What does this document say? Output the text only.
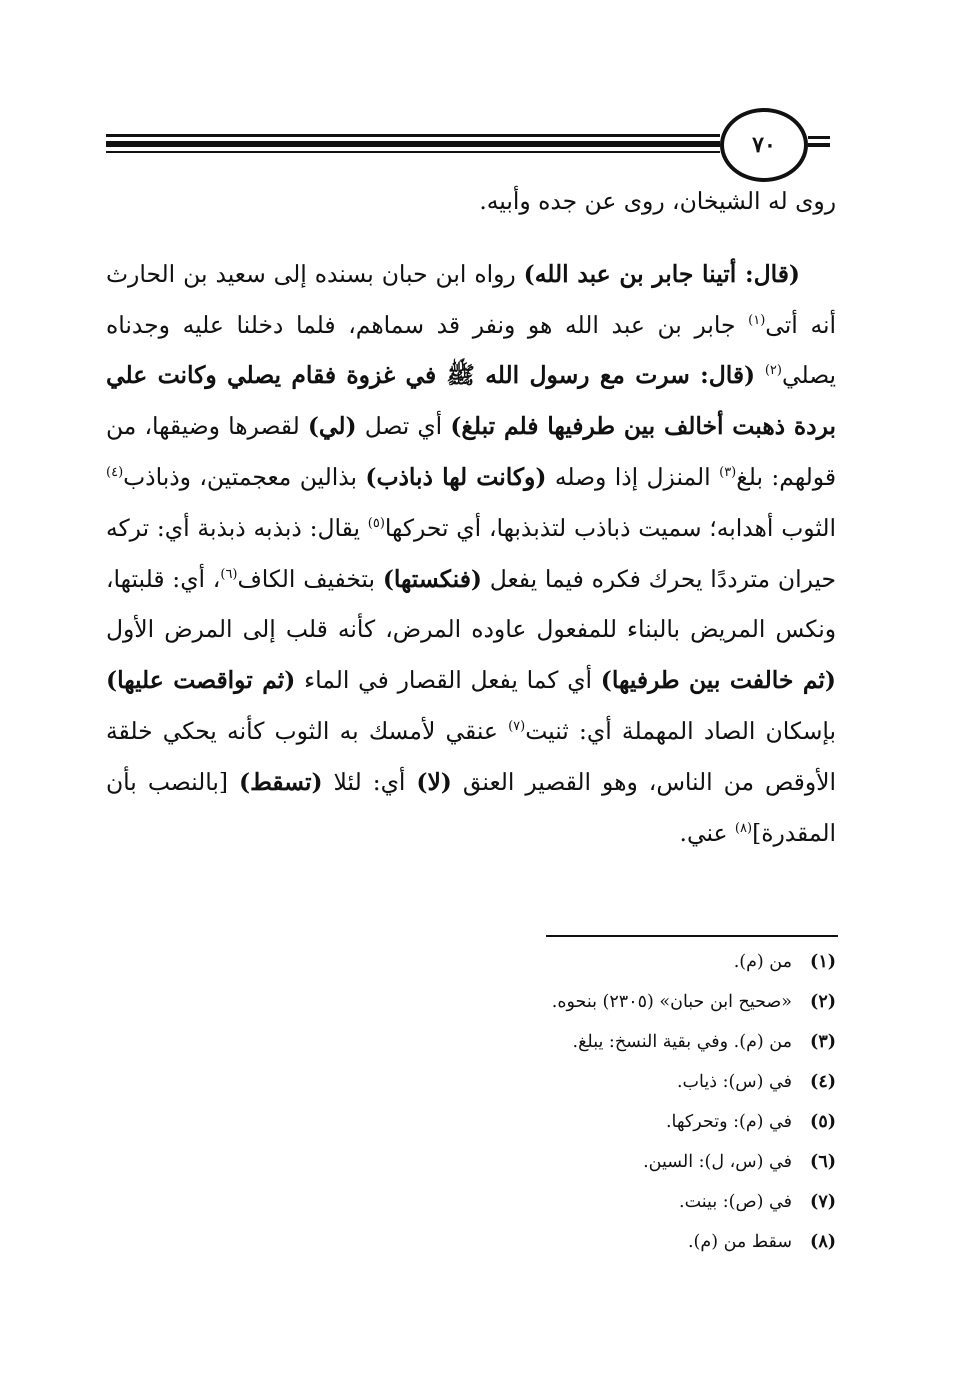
٧٠

روى له الشيخان، روى عن جده وأبيه.

(قال: أتينا جابر بن عبد الله) رواه ابن حبان بسنده إلى سعيد بن الحارث أنه أتى$^{(١)}$ جابر بن عبد الله هو ونفر قد سماهم، فلما دخلنا عليه وجدناه يصلي$^{(٢)}$ (قال: سرت مع رسول الله ﷺ في غزوة فقام يصلي وكانت علي بردة ذهبت أخالف بين طرفيها فلم تبلغ) أي تصل (لي) لقصرها وضيقها، من قولهم: بلغ$^{(٣)}$ المنزل إذا وصله (وكانت لها ذباذب) بذالين معجمتين، وذباذب$^{(٤)}$ الثوب أهدابه؛ سميت ذباذب لتذبذبها، أي تحركها$^{(٥)}$ يقال: ذبذبه ذبذبة أي: تركه حيران مترددًا يحرك فكره فيما يفعل (فنكستها) بتخفيف الكاف$^{(٦)}$، أي: قلبتها، ونكس المريض بالبناء للمفعول عاوده المرض، كأنه قلب إلى المرض الأول (ثم خالفت بين طرفيها) أي كما يفعل القصار في الماء (ثم تواقصت عليها) بإسكان الصاد المهملة أي: ثنيت$^{(٧)}$ عنقي لأمسك به الثوب كأنه يحكي خلقة الأوقص من الناس، وهو القصير العنق (لا) أي: لئلا (تسقط) [بالنصب بأن المقدرة]$^{(٨)}$ عني.

(١)من (م).
(٢)«صحيح ابن حبان» (٢٣٠٥) بنحوه.
(٣)من (م). وفي بقية النسخ: يبلغ.
(٤)في (س): ذياب.
(٥)في (م): وتحركها.
(٦)في (س، ل): السين.
(٧)في (ص): بينت.
(٨)سقط من (م).
